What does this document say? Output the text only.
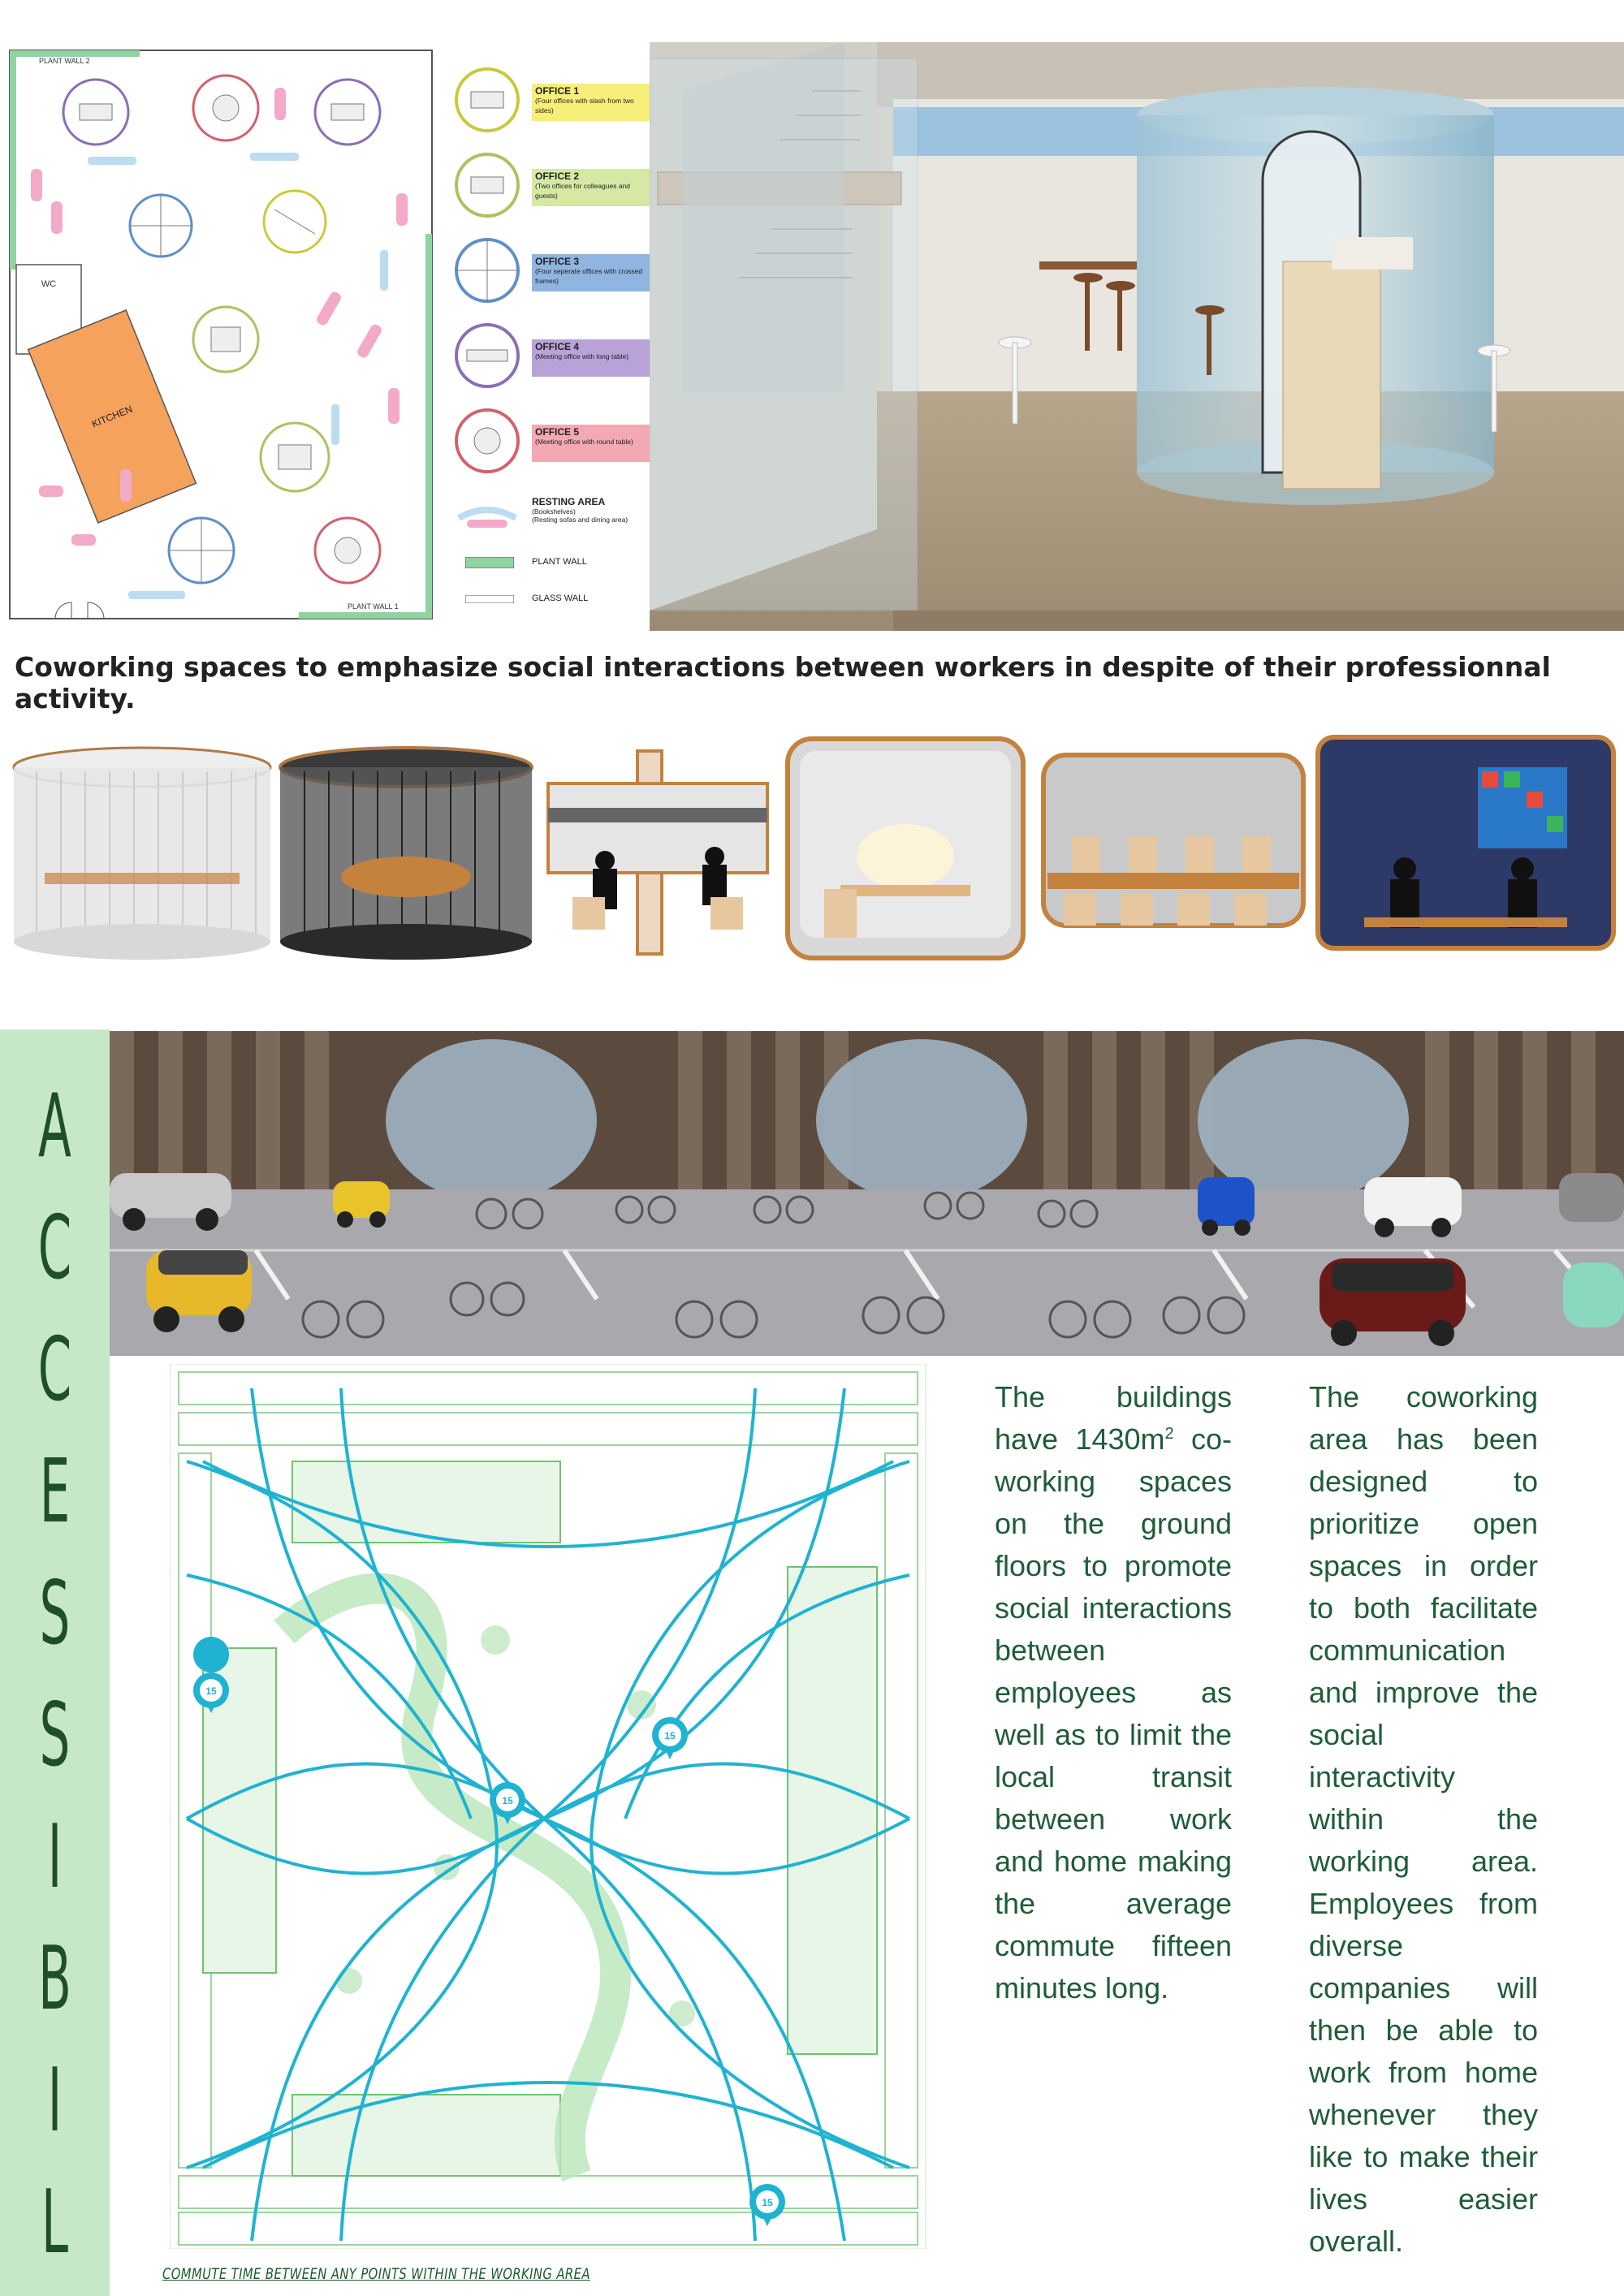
PLANT WALL 2
PLANT WALL 1
WC
KITCHEN
OFFICE 1
(Four offices with slash from two sides)
OFFICE 2
(Two offices for colleagues and guests)
OFFICE 3
(Four seperate offices with crossed frames)
OFFICE 4
(Meeting office with long table)
OFFICE 5
(Meeting office with round table)
RESTING AREA
(Bookshelves)
(Resting sofas and dining area)
PLANT WALL
GLASS WALL
Coworking spaces to emphasize social interactions between workers in despite of their professionnal activity.
A
C
C
E
S
S
I
B
I
L
15
15
15
15
COMMUTE TIME BETWEEN ANY POINTS WITHIN THE WORKING AREA
The buildings have $1430m^2$ co-working spaces on the ground floors to promote social interactions between employees as well as to limit the local transit between work and home making the average commute fifteen minutes long.
The coworking area has been designed to prioritize open spaces in order to both facilitate communication and improve the social interactivity within the working area. Employees from diverse companies will then be able to work from home whenever they like to make their lives easier overall.
